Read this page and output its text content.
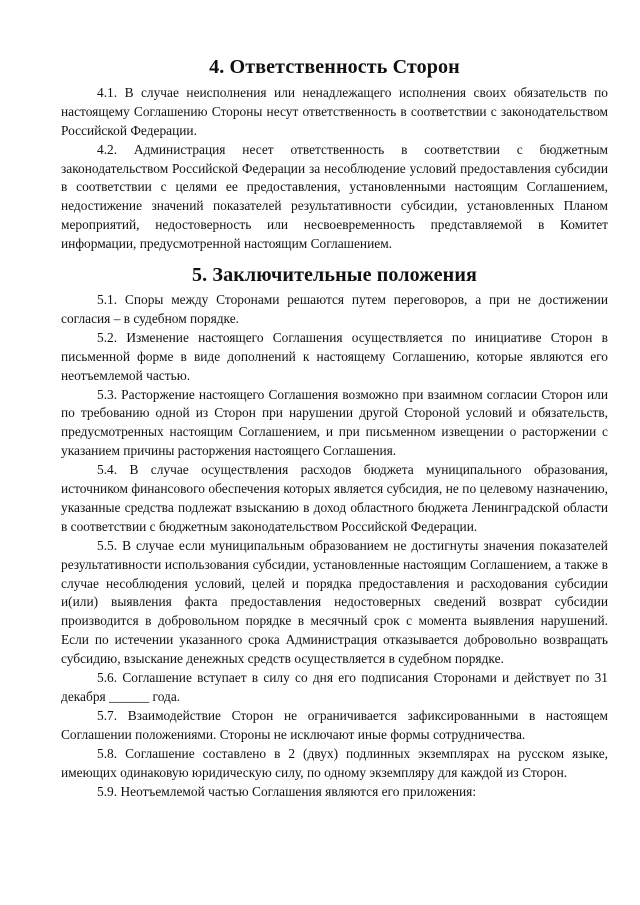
4. Ответственность Сторон

4.1. В случае неисполнения или ненадлежащего исполнения своих обязательств по настоящему Соглашению Стороны несут ответственность в соответствии с законодательством Российской Федерации.

4.2. Администрация несет ответственность в соответствии с бюджетным законодательством Российской Федерации за несоблюдение условий предоставления субсидии в соответствии с целями ее предоставления, установленными настоящим Соглашением, недостижение значений показателей результативности субсидии, установленных Планом мероприятий, недостоверность или несвоевременность представляемой в Комитет информации, предусмотренной настоящим Соглашением.

5. Заключительные положения

5.1. Споры между Сторонами решаются путем переговоров, а при не достижении согласия – в судебном порядке.

5.2. Изменение настоящего Соглашения осуществляется по инициативе Сторон в письменной форме в виде дополнений к настоящему Соглашению, которые являются его неотъемлемой частью.

5.3. Расторжение настоящего Соглашения возможно при взаимном согласии Сторон или по требованию одной из Сторон при нарушении другой Стороной условий и обязательств, предусмотренных настоящим Соглашением, и при письменном извещении о расторжении с указанием причины расторжения настоящего Соглашения.

5.4. В случае осуществления расходов бюджета муниципального образования, источником финансового обеспечения которых является субсидия, не по целевому назначению, указанные средства подлежат взысканию в доход областного бюджета Ленинградской области в соответствии с бюджетным законодательством Российской Федерации.

5.5. В случае если муниципальным образованием не достигнуты значения показателей результативности использования субсидии, установленные настоящим Соглашением, а также в случае несоблюдения условий, целей и порядка предоставления и расходования субсидии и(или) выявления факта предоставления недостоверных сведений возврат субсидии производится в добровольном порядке в месячный срок с момента выявления нарушений. Если по истечении указанного срока Администрация отказывается добровольно возвращать субсидию, взыскание денежных средств осуществляется в судебном порядке.

5.6. Соглашение вступает в силу со дня его подписания Сторонами и действует по 31 декабря ______ года.

5.7. Взаимодействие Сторон не ограничивается зафиксированными в настоящем Соглашении положениями. Стороны не исключают иные формы сотрудничества.

5.8. Соглашение составлено в 2 (двух) подлинных экземплярах на русском языке, имеющих одинаковую юридическую силу, по одному экземпляру для каждой из Сторон.

5.9. Неотъемлемой частью Соглашения являются его приложения:
